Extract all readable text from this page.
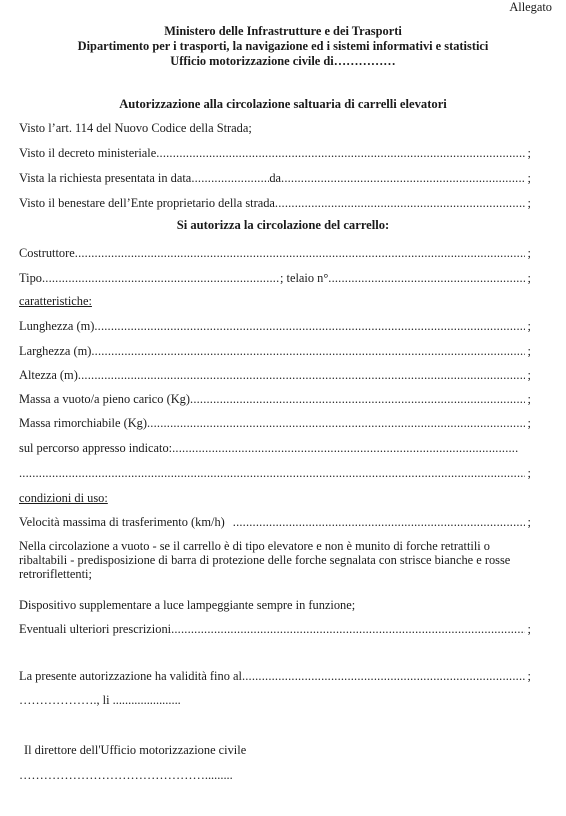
Allegato
Ministero delle Infrastrutture e dei Trasporti
Dipartimento per i trasporti, la navigazione ed i sistemi informativi e statistici
Ufficio motorizzazione civile di……………
Autorizzazione alla circolazione saltuaria di carrelli elevatori
Visto l’art. 114 del Nuovo Codice della Strada;
Visto il decreto ministeriale .....	;
Vista la richiesta presentata in data .....	da .....	;
Visto il benestare dell’Ente proprietario della strada .....	;
Si autorizza la circolazione del carrello:
Costruttore .....	;
Tipo .....	; telaio n° .....	;
caratteristiche:
Lunghezza (m) .....	;
Larghezza (m) .....	;
Altezza (m) .....	;
Massa a vuoto/a pieno carico (Kg) .....	;
Massa rimorchiabile (Kg) .....	;
sul percorso appresso indicato:
.....
.....
;
condizioni di uso:
Velocità massima di trasferimento (km/h) .....	;
Nella circolazione a vuoto - se il carrello è di tipo elevatore e non è munito di forche retrattili o ribaltabili - predisposizione di barra di protezione delle forche segnalata con strisce bianche e rosse retroriflettenti;
Dispositivo supplementare a luce lampeggiante sempre in funzione;
Eventuali ulteriori prescrizioni .....	;
La presente autorizzazione ha validità fino al .....	;
………………., li ......................
Il direttore dell'Ufficio motorizzazione civile
……………………………………….........
